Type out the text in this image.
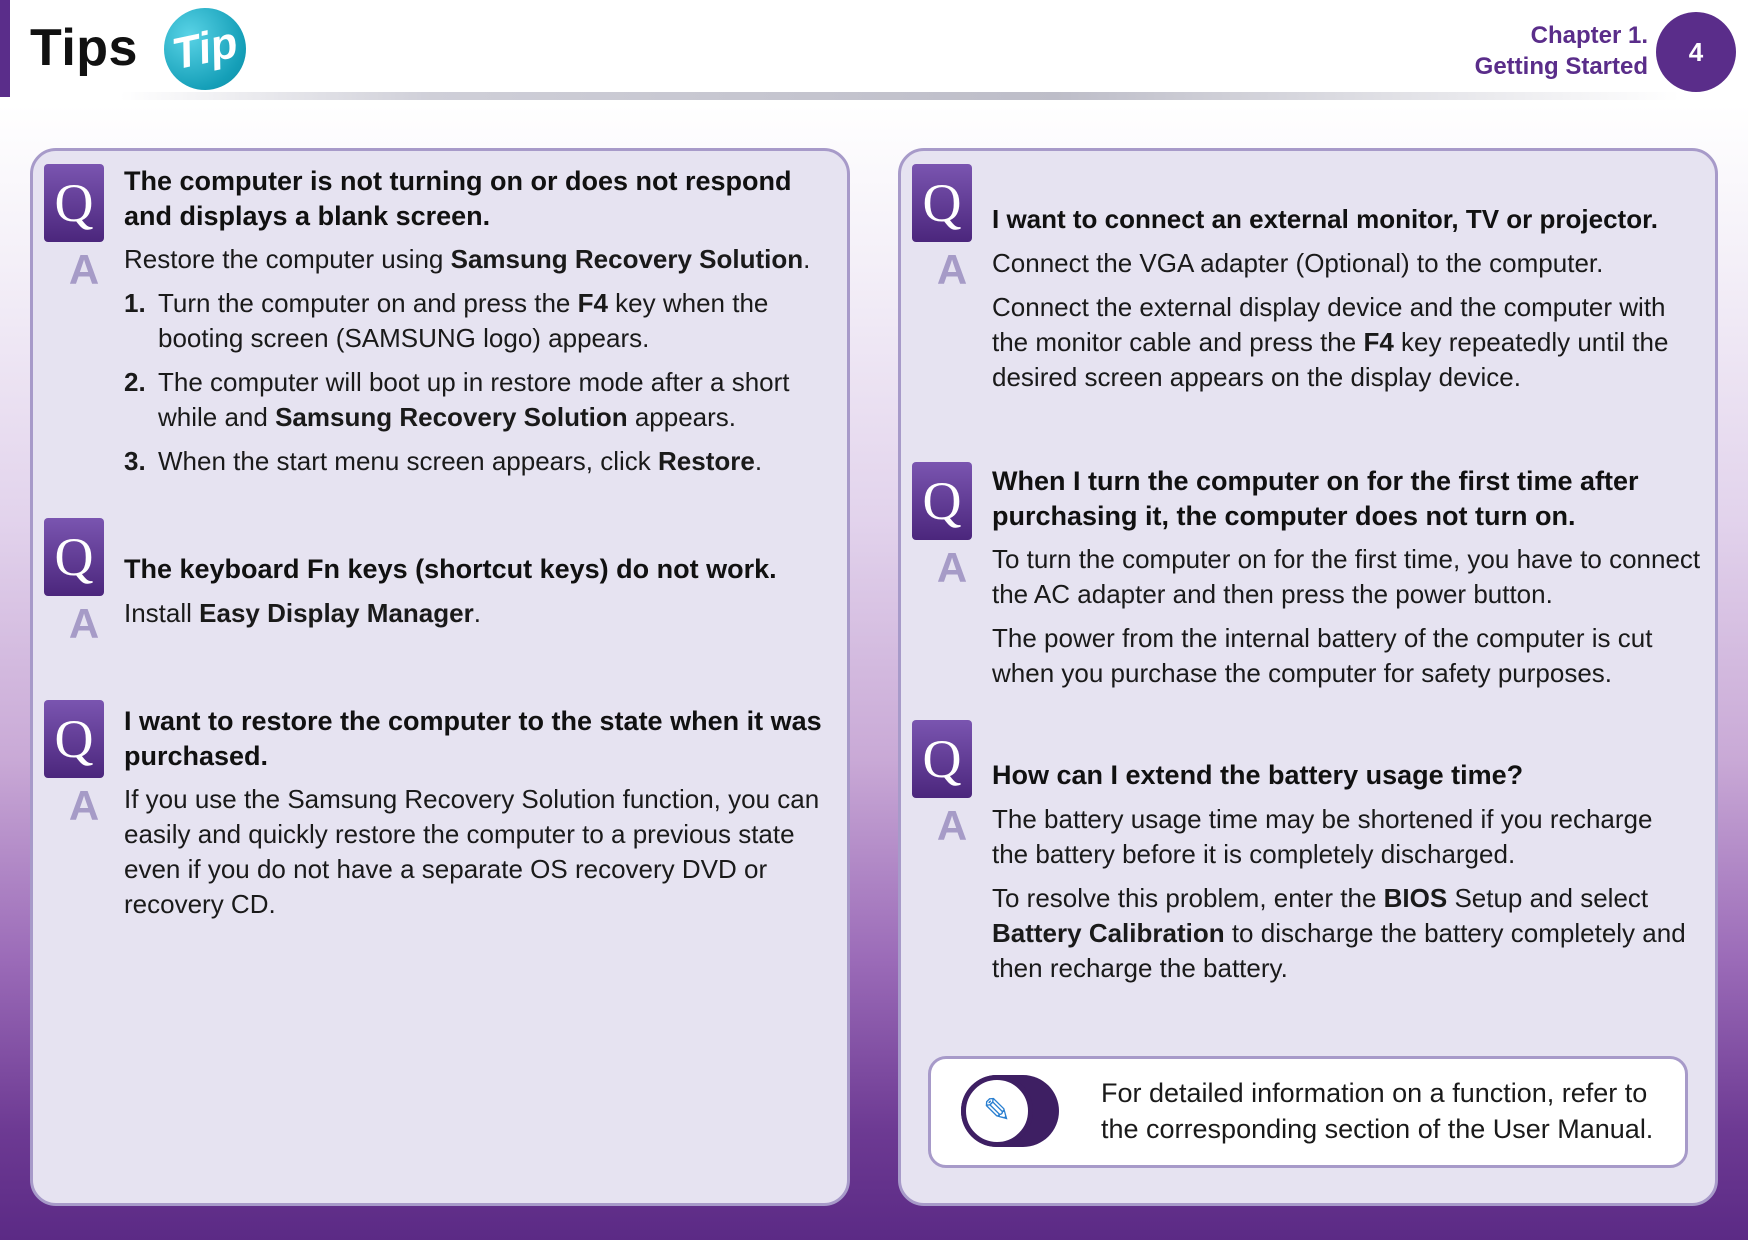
Tips Tip	Chapter 1.
Getting Started	4
Q
A
The computer is not turning on or does not respond and displays a blank screen.
Restore the computer using Samsung Recovery Solution.
1. Turn the computer on and press the F4 key when the booting screen (SAMSUNG logo) appears.
2. The computer will boot up in restore mode after a short while and Samsung Recovery Solution appears.
3. When the start menu screen appears, click Restore.
Q
A
The keyboard Fn keys (shortcut keys) do not work.
Install Easy Display Manager.
Q
A
I want to restore the computer to the state when it was purchased.
If you use the Samsung Recovery Solution function, you can easily and quickly restore the computer to a previous state even if you do not have a separate OS recovery DVD or recovery CD.
Q
A
I want to connect an external monitor, TV or projector.
Connect the VGA adapter (Optional) to the computer.
Connect the external display device and the computer with the monitor cable and press the F4 key repeatedly until the desired screen appears on the display device.
Q
A
When I turn the computer on for the first time after purchasing it, the computer does not turn on.
To turn the computer on for the first time, you have to connect the AC adapter and then press the power button.
The power from the internal battery of the computer is cut when you purchase the computer for safety purposes.
Q
A
How can I extend the battery usage time?
The battery usage time may be shortened if you recharge the battery before it is completely discharged.
To resolve this problem, enter the BIOS Setup and select Battery Calibration to discharge the battery completely and then recharge the battery.
✎	For detailed information on a function, refer to the corresponding section of the User Manual.
